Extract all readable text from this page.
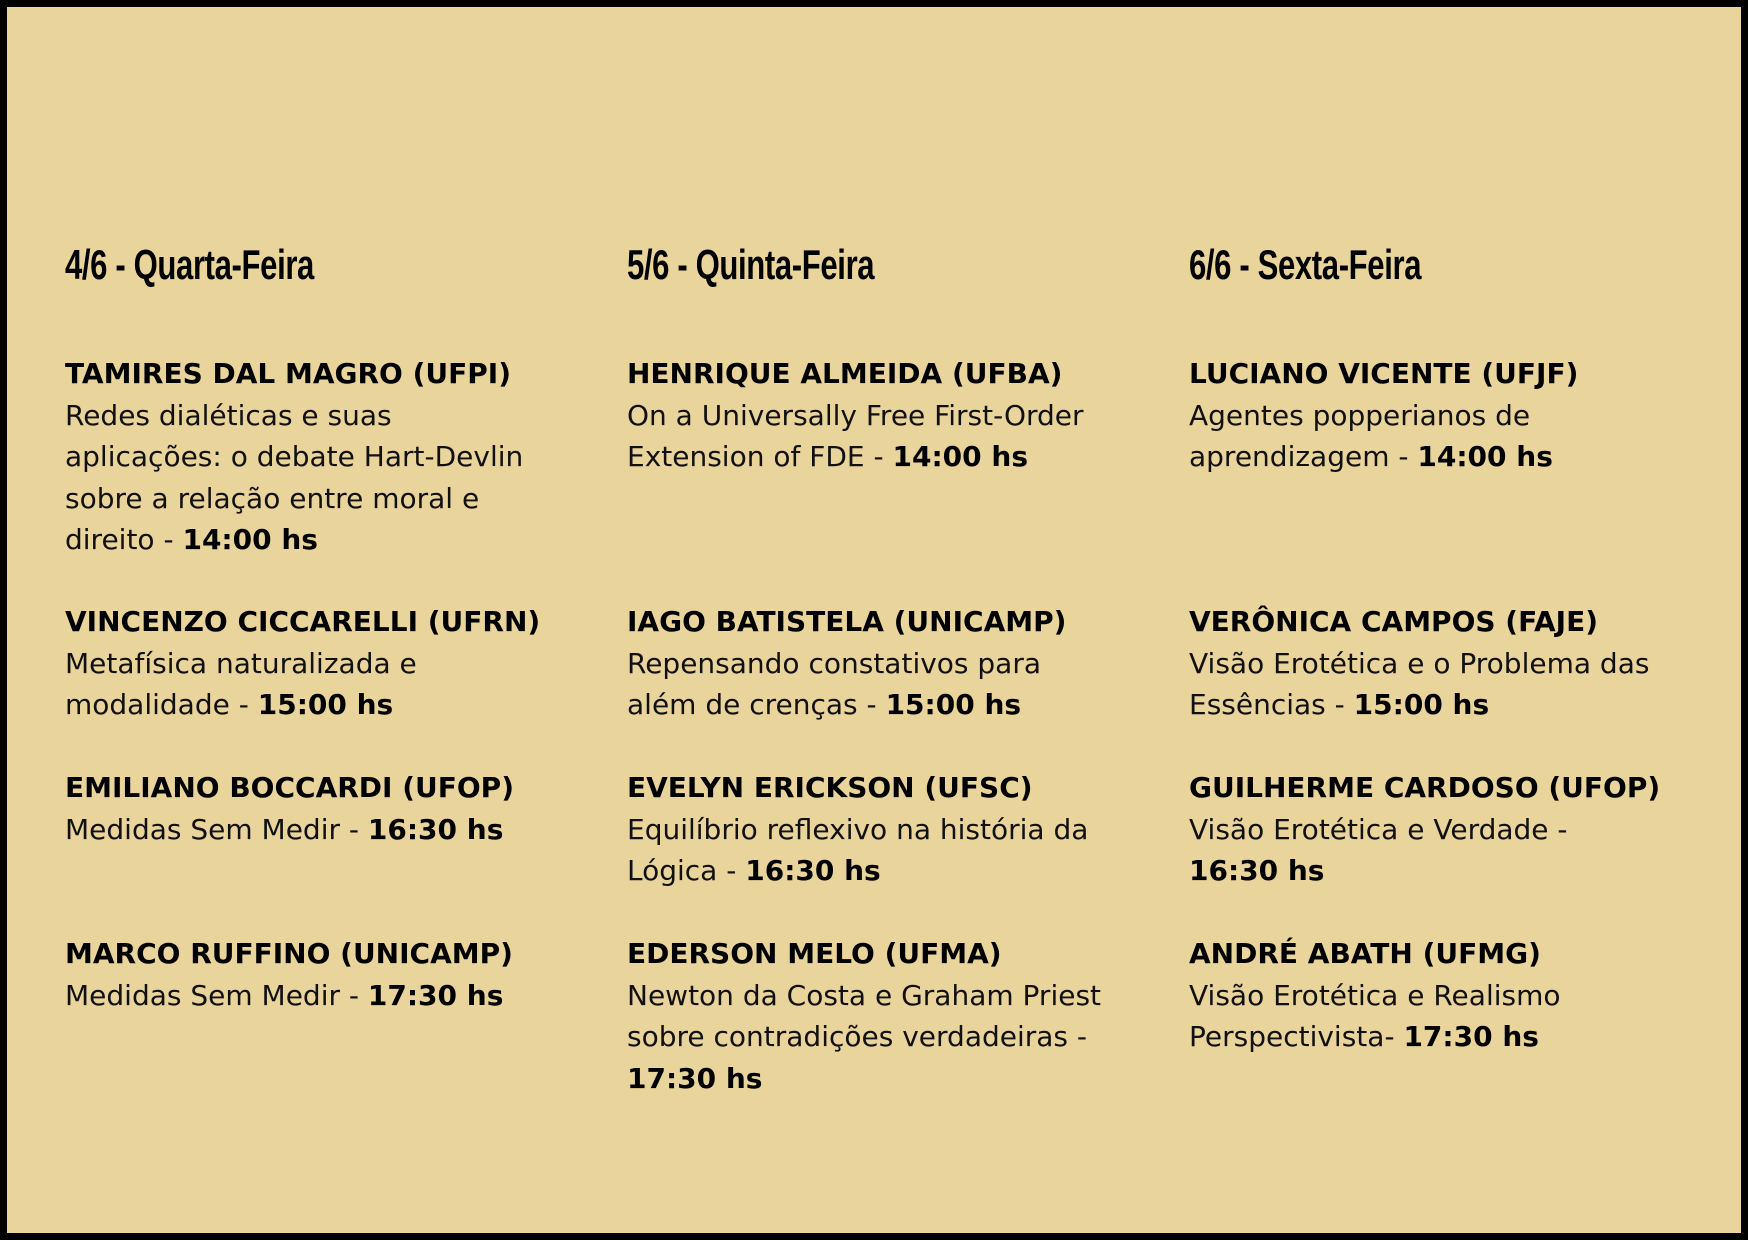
4/6 - Quarta-Feira
TAMIRES DAL MAGRO (UFPI)
Redes dialéticas e suas
aplicações: o debate Hart-Devlin
sobre a relação entre moral e
direito - 14:00 hs
VINCENZO CICCARELLI (UFRN)
Metafísica naturalizada e
modalidade - 15:00 hs
EMILIANO BOCCARDI (UFOP)
Medidas Sem Medir - 16:30 hs
MARCO RUFFINO (UNICAMP)
Medidas Sem Medir - 17:30 hs
5/6 - Quinta-Feira
HENRIQUE ALMEIDA (UFBA)
On a Universally Free First-Order
Extension of FDE - 14:00 hs
IAGO BATISTELA (UNICAMP)
Repensando constativos para
além de crenças - 15:00 hs
EVELYN ERICKSON (UFSC)
Equilíbrio reflexivo na história da
Lógica - 16:30 hs
EDERSON MELO (UFMA)
Newton da Costa e Graham Priest
sobre contradições verdadeiras -
17:30 hs
6/6 - Sexta-Feira
LUCIANO VICENTE (UFJF)
Agentes popperianos de
aprendizagem - 14:00 hs
VERÔNICA CAMPOS (FAJE)
Visão Erotética e o Problema das
Essências - 15:00 hs
GUILHERME CARDOSO (UFOP)
Visão Erotética e Verdade -
16:30 hs
ANDRÉ ABATH (UFMG)
Visão Erotética e Realismo
Perspectivista- 17:30 hs
